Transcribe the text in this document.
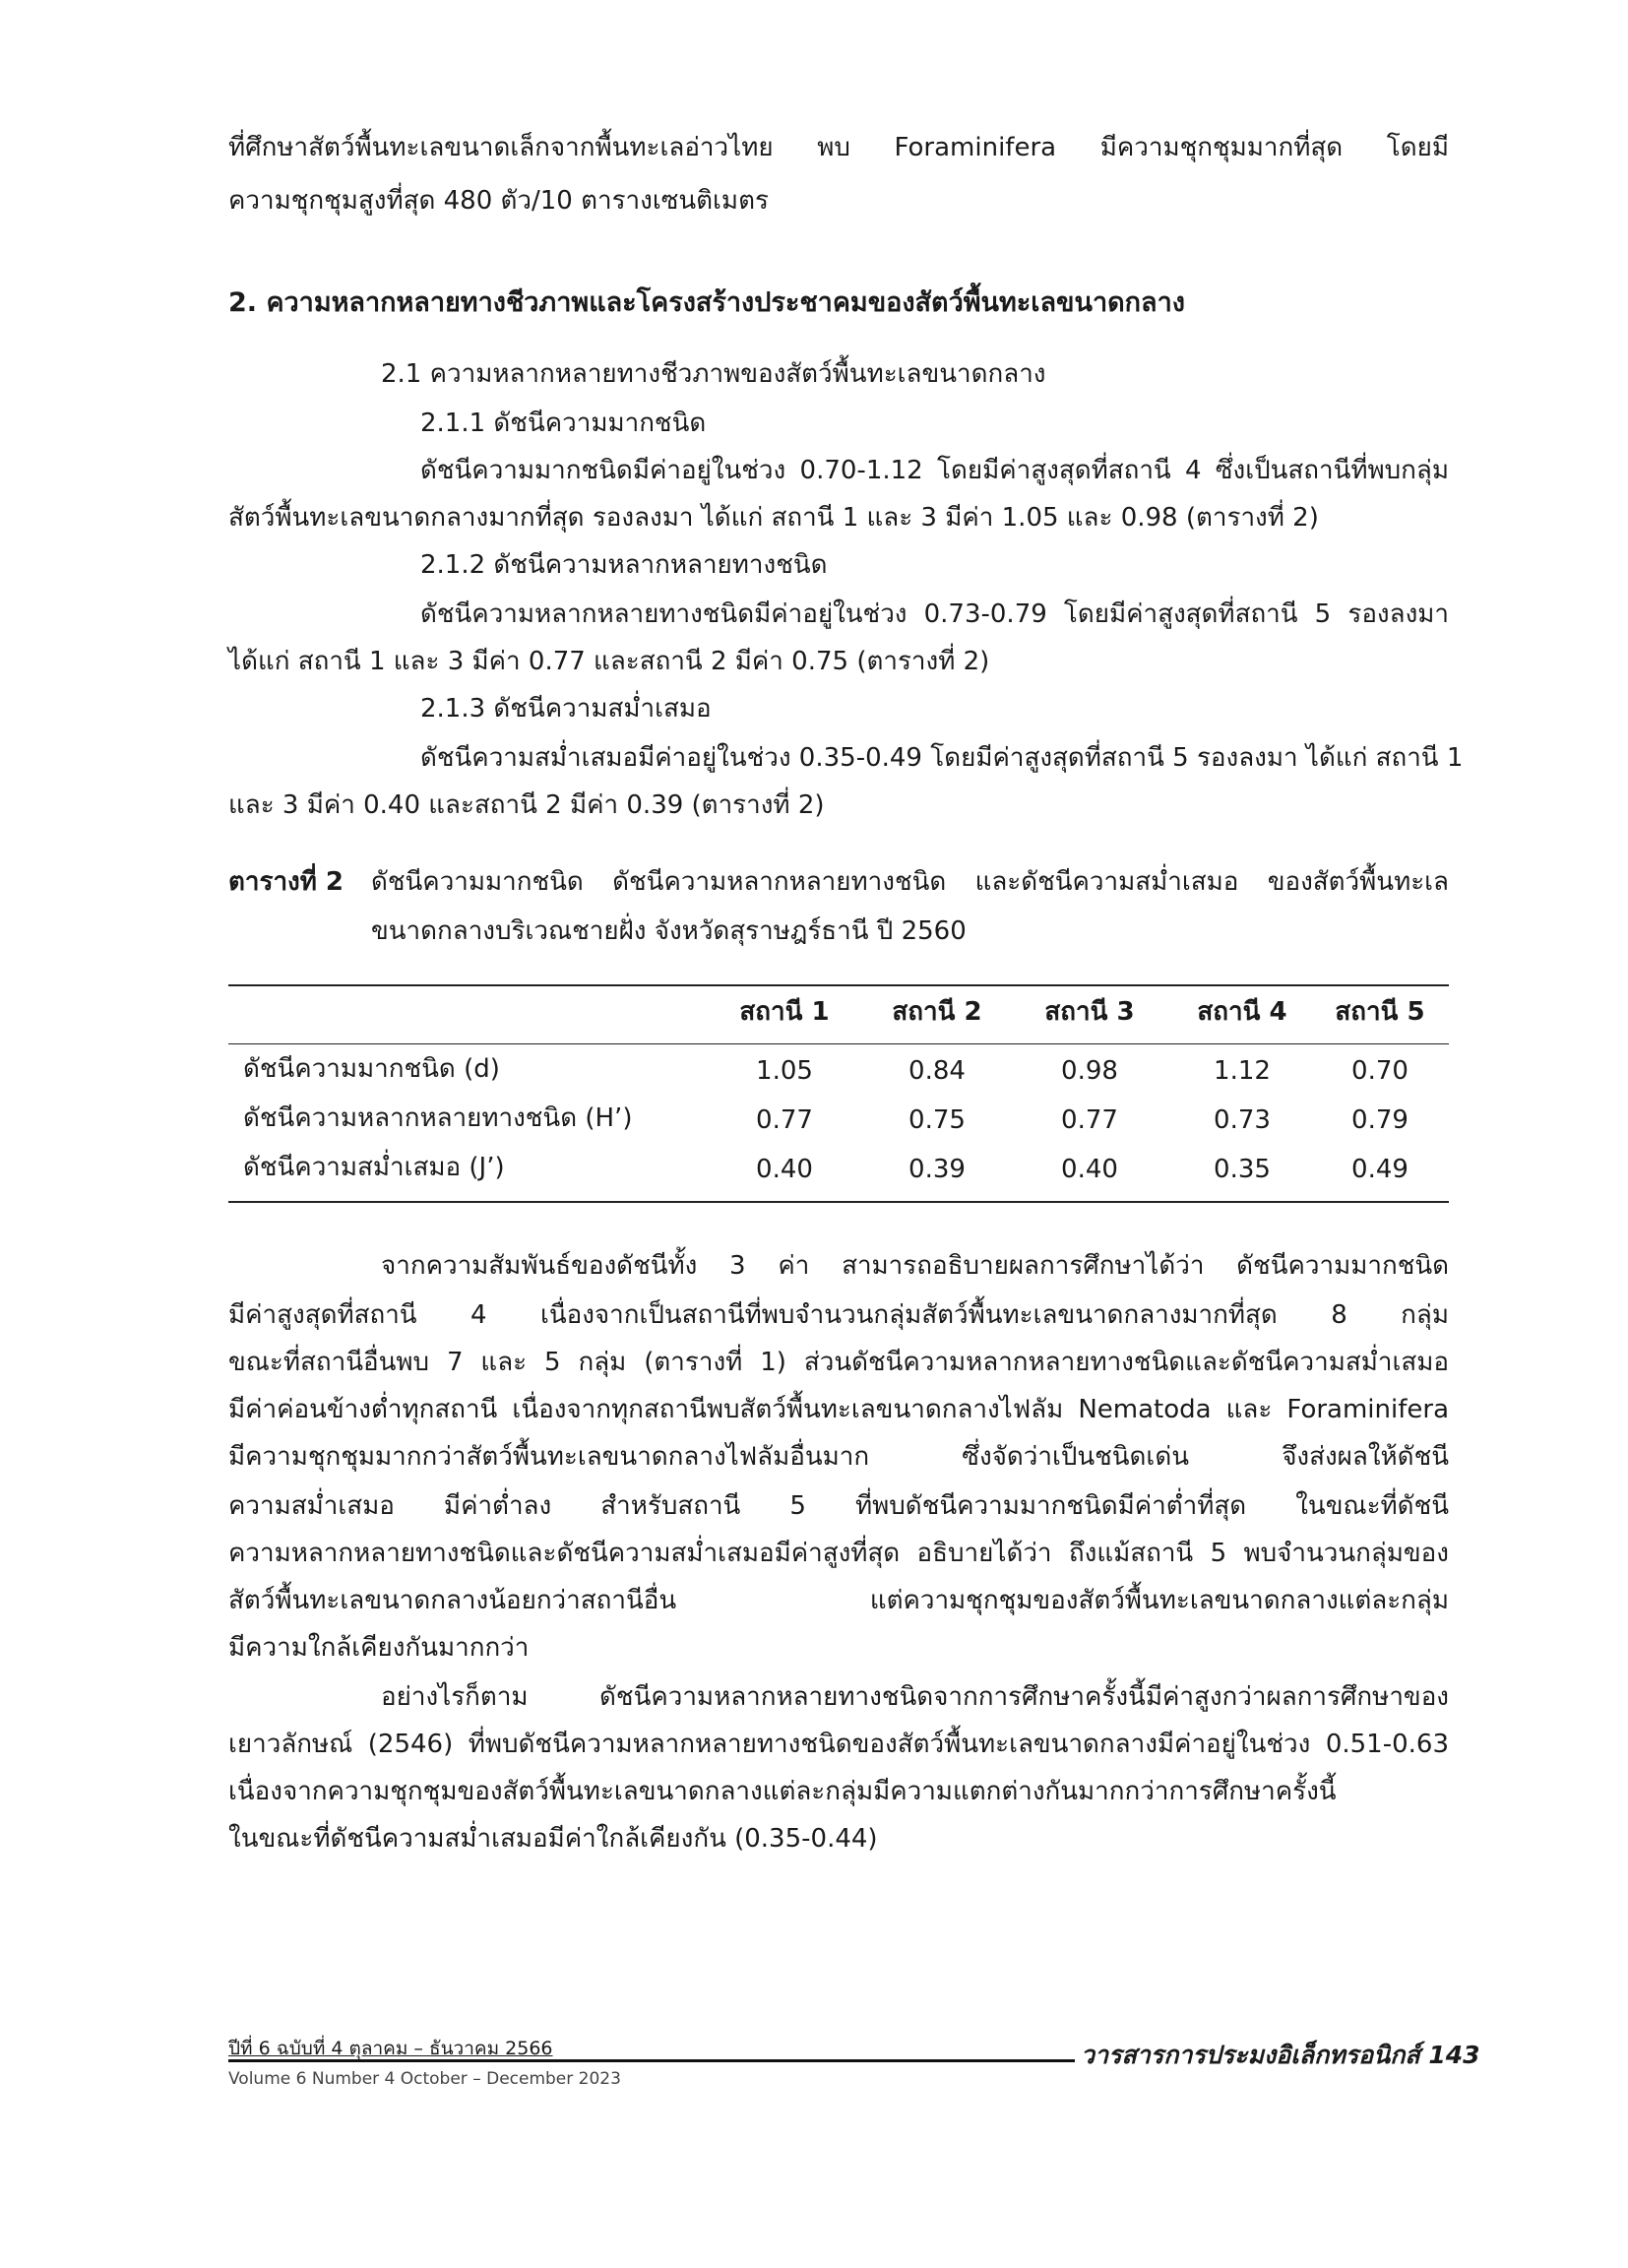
ที่ศึกษาสัตว์พื้นทะเลขนาดเล็กจากพื้นทะเลอ่าวไทย พบ Foraminifera มีความชุกชุมมากที่สุด โดยมี
ความชุกชุมสูงที่สุด 480 ตัว/10 ตารางเซนติเมตร
2. ความหลากหลายทางชีวภาพและโครงสร้างประชาคมของสัตว์พื้นทะเลขนาดกลาง
2.1 ความหลากหลายทางชีวภาพของสัตว์พื้นทะเลขนาดกลาง
2.1.1 ดัชนีความมากชนิด
ดัชนีความมากชนิดมีค่าอยู่ในช่วง 0.70-1.12 โดยมีค่าสูงสุดที่สถานี 4 ซึ่งเป็นสถานีที่พบกลุ่ม
สัตว์พื้นทะเลขนาดกลางมากที่สุด รองลงมา ได้แก่ สถานี 1 และ 3 มีค่า 1.05 และ 0.98 (ตารางที่ 2)
2.1.2 ดัชนีความหลากหลายทางชนิด
ดัชนีความหลากหลายทางชนิดมีค่าอยู่ในช่วง 0.73-0.79 โดยมีค่าสูงสุดที่สถานี 5 รองลงมา
ได้แก่ สถานี 1 และ 3 มีค่า 0.77 และสถานี 2 มีค่า 0.75 (ตารางที่ 2)
2.1.3 ดัชนีความสม่ำเสมอ
ดัชนีความสม่ำเสมอมีค่าอยู่ในช่วง 0.35-0.49 โดยมีค่าสูงสุดที่สถานี 5 รองลงมา ได้แก่ สถานี 1
และ 3 มีค่า 0.40 และสถานี 2 มีค่า 0.39 (ตารางที่ 2)
ตารางที่ 2 ดัชนีความมากชนิด ดัชนีความหลากหลายทางชนิด และดัชนีความสม่ำเสมอ ของสัตว์พื้นทะเล
ขนาดกลางบริเวณชายฝั่ง จังหวัดสุราษฎร์ธานี ปี 2560
สถานี 1	สถานี 2	สถานี 3	สถานี 4	สถานี 5
ดัชนีความมากชนิด (d)	1.05	0.84	0.98	1.12	0.70
ดัชนีความหลากหลายทางชนิด (H’)	0.77	0.75	0.77	0.73	0.79
ดัชนีความสม่ำเสมอ (J’)	0.40	0.39	0.40	0.35	0.49
จากความสัมพันธ์ของดัชนีทั้ง 3 ค่า สามารถอธิบายผลการศึกษาได้ว่า ดัชนีความมากชนิด
มีค่าสูงสุดที่สถานี 4 เนื่องจากเป็นสถานีที่พบจำนวนกลุ่มสัตว์พื้นทะเลขนาดกลางมากที่สุด 8 กลุ่ม
ขณะที่สถานีอื่นพบ 7 และ 5 กลุ่ม (ตารางที่ 1) ส่วนดัชนีความหลากหลายทางชนิดและดัชนีความสม่ำเสมอ
มีค่าค่อนข้างต่ำทุกสถานี เนื่องจากทุกสถานีพบสัตว์พื้นทะเลขนาดกลางไฟลัม Nematoda และ Foraminifera
มีความชุกชุมมากกว่าสัตว์พื้นทะเลขนาดกลางไฟลัมอื่นมาก ซึ่งจัดว่าเป็นชนิดเด่น จึงส่งผลให้ดัชนี
ความสม่ำเสมอ มีค่าต่ำลง สำหรับสถานี 5 ที่พบดัชนีความมากชนิดมีค่าต่ำที่สุด ในขณะที่ดัชนี
ความหลากหลายทางชนิดและดัชนีความสม่ำเสมอมีค่าสูงที่สุด อธิบายได้ว่า ถึงแม้สถานี 5 พบจำนวนกลุ่มของ
สัตว์พื้นทะเลขนาดกลางน้อยกว่าสถานีอื่น แต่ความชุกชุมของสัตว์พื้นทะเลขนาดกลางแต่ละกลุ่ม
มีความใกล้เคียงกันมากกว่า
อย่างไรก็ตาม ดัชนีความหลากหลายทางชนิดจากการศึกษาครั้งนี้มีค่าสูงกว่าผลการศึกษาของ
เยาวลักษณ์ (2546) ที่พบดัชนีความหลากหลายทางชนิดของสัตว์พื้นทะเลขนาดกลางมีค่าอยู่ในช่วง 0.51-0.63
เนื่องจากความชุกชุมของสัตว์พื้นทะเลขนาดกลางแต่ละกลุ่มมีความแตกต่างกันมากกว่าการศึกษาครั้งนี้
ในขณะที่ดัชนีความสม่ำเสมอมีค่าใกล้เคียงกัน (0.35-0.44)
ปีที่ 6 ฉบับที่ 4 ตุลาคม – ธันวาคม 2566	วารสารการประมงอิเล็กทรอนิกส์ 143
Volume 6 Number 4 October – December 2023
